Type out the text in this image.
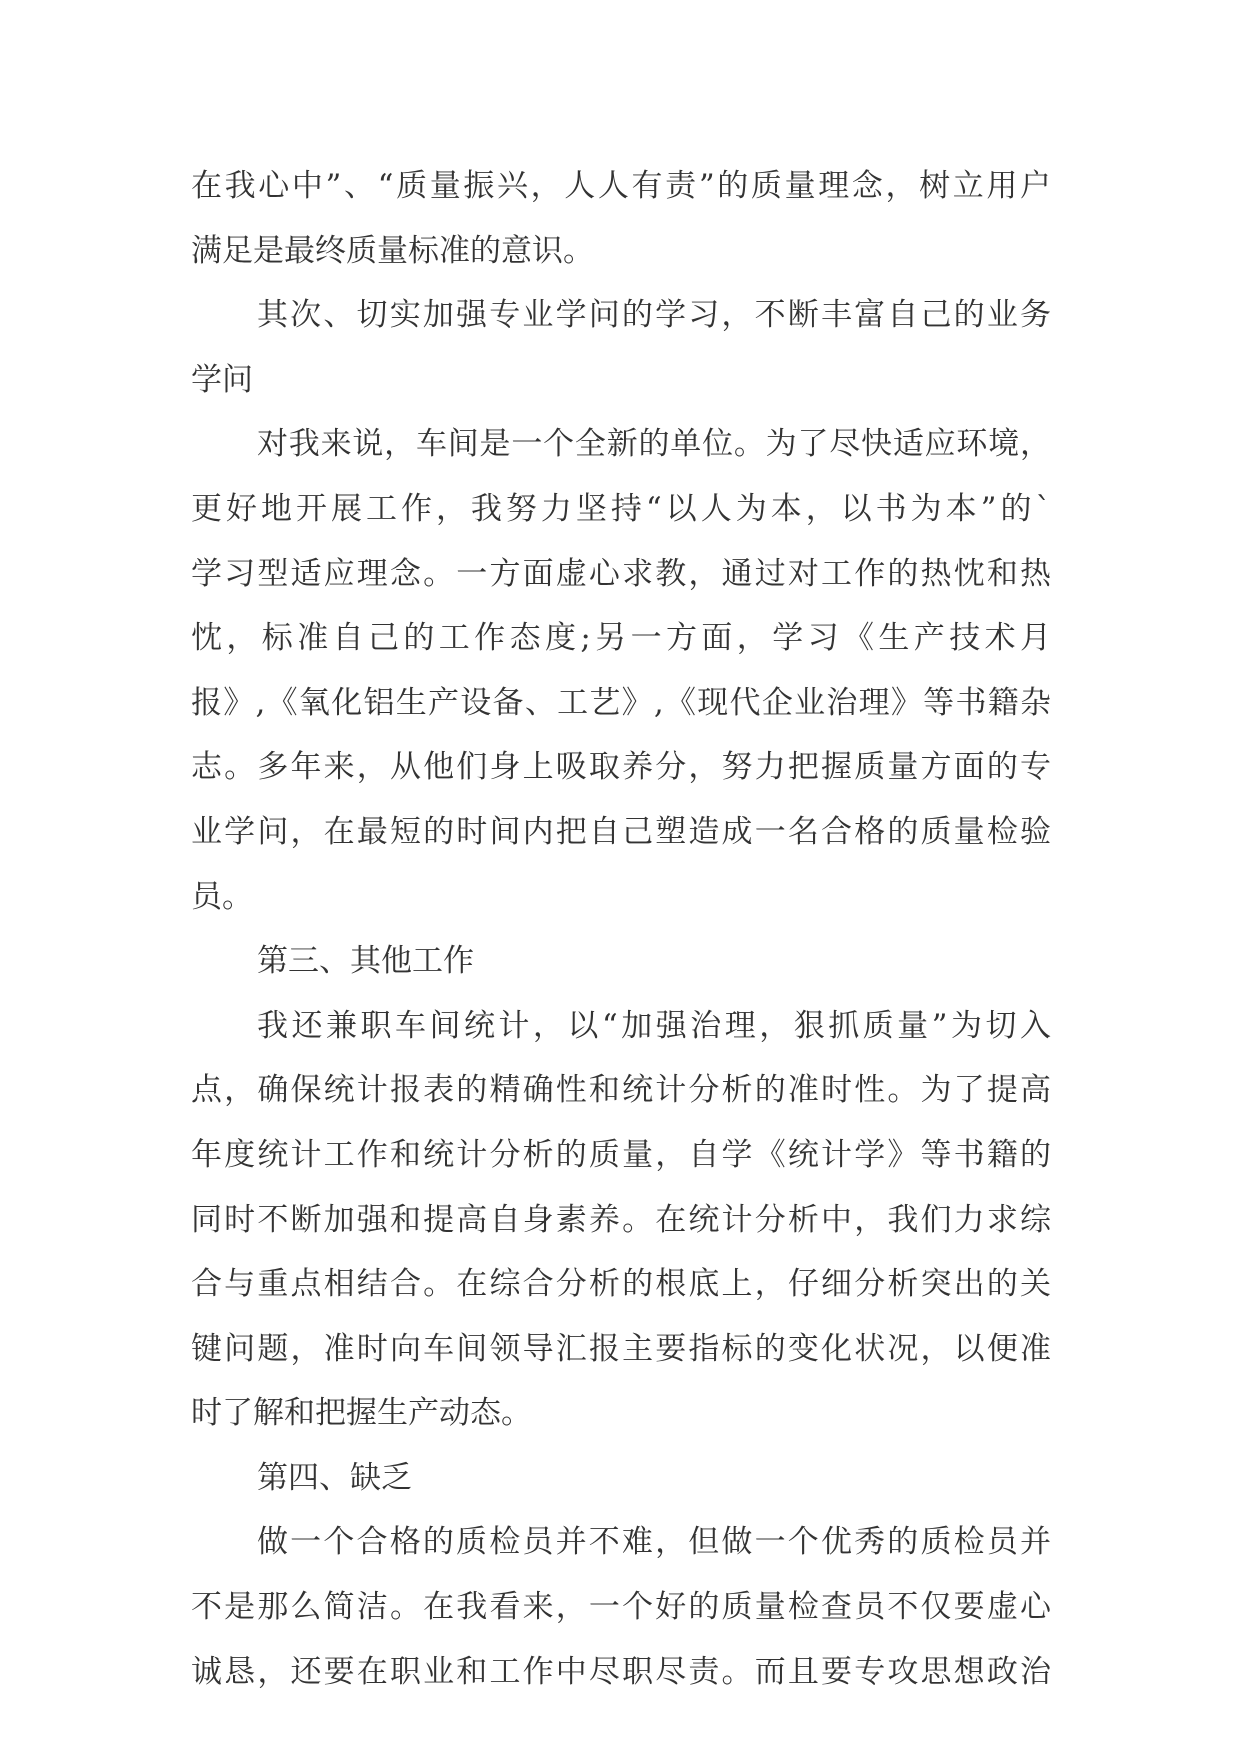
在我心中”、“质量振兴，人人有责”的质量理念，树立用户
满足是最终质量标准的意识。
其次、切实加强专业学问的学习，不断丰富自己的业务
学问
对我来说，车间是一个全新的单位。为了尽快适应环境，
更好地开展工作，我努力坚持“以人为本，以书为本”的`
学习型适应理念。一方面虚心求教，通过对工作的热忱和热
忱，标准自己的工作态度;另一方面，学习《生产技术月
报》,《氧化铝生产设备、工艺》,《现代企业治理》等书籍杂
志。多年来，从他们身上吸取养分，努力把握质量方面的专
业学问，在最短的时间内把自己塑造成一名合格的质量检验
员。
第三、其他工作
我还兼职车间统计，以“加强治理，狠抓质量”为切入
点，确保统计报表的精确性和统计分析的准时性。为了提高
年度统计工作和统计分析的质量，自学《统计学》等书籍的
同时不断加强和提高自身素养。在统计分析中，我们力求综
合与重点相结合。在综合分析的根底上，仔细分析突出的关
键问题，准时向车间领导汇报主要指标的变化状况，以便准
时了解和把握生产动态。
第四、缺乏
做一个合格的质检员并不难，但做一个优秀的质检员并
不是那么简洁。在我看来，一个好的质量检查员不仅要虚心
诚恳，还要在职业和工作中尽职尽责。而且要专攻思想政治
